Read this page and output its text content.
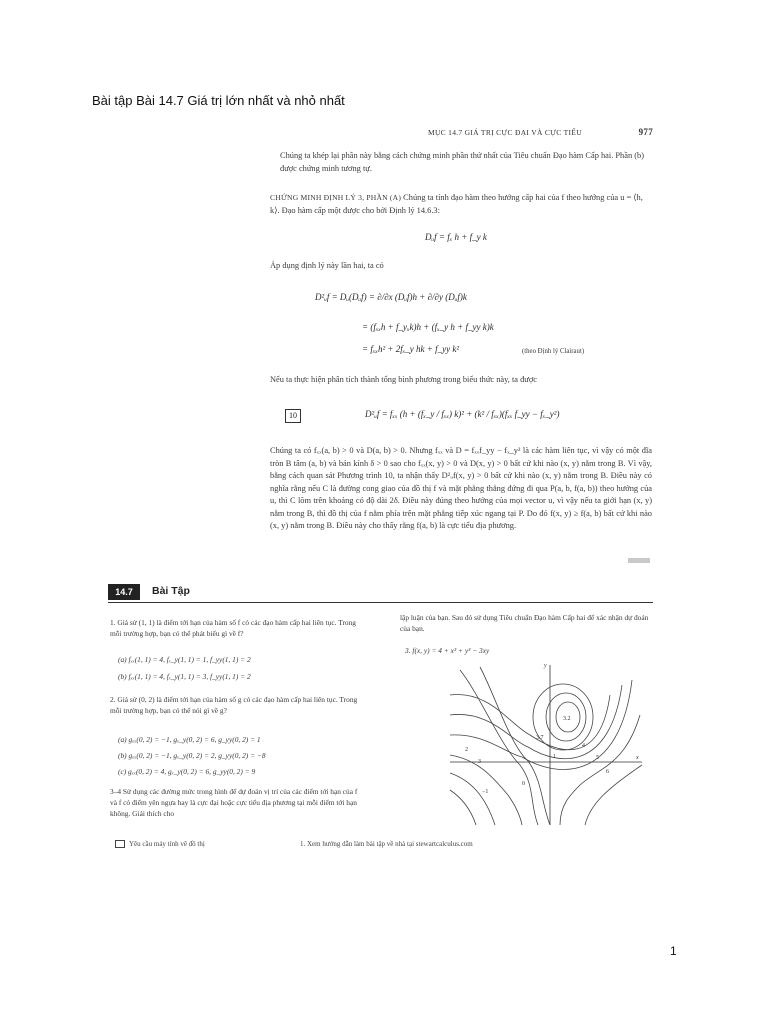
Bài tập Bài 14.7 Giá trị lớn nhất và nhỏ nhất
MỤC 14.7 GIÁ TRỊ CỰC ĐẠI VÀ CỰC TIỂU	977
Chúng ta khép lại phần này bằng cách chứng minh phần thứ nhất của Tiêu chuẩn Đạo hàm Cấp hai. Phần (b) được chứng minh tương tự.
CHỨNG MINH ĐỊNH LÝ 3, PHẦN (A) Chúng ta tính đạo hàm theo hướng cấp hai của f theo hướng của u = ⟨h, k⟩. Đạo hàm cấp một được cho bởi Định lý 14.6.3:
Dᵤf = fₓ h + f_y k
Áp dụng định lý này lần hai, ta có
D²ᵤf = Dᵤ(Dᵤf) = ∂/∂x (Dᵤf)h + ∂/∂y (Dᵤf)k
= (fₓₓh + f_yₓk)h + (fₓ_y h + f_yy k)k
= fₓₓh² + 2fₓ_y hk + f_yy k²	(theo Định lý Clairaut)
Nếu ta thực hiện phân tích thành tổng bình phương trong biểu thức này, ta được
10	D²ᵤf = fₓₓ (h + (fₓ_y / fₓₓ) k)² + (k² / fₓₓ)(fₓₓ f_yy − fₓ_y²)
Chúng ta có fₓₓ(a, b) > 0 và D(a, b) > 0. Nhưng fₓₓ và D = fₓₓf_yy − fₓ_y² là các hàm liên tục, vì vậy có một đĩa tròn B tâm (a, b) và bán kính δ > 0 sao cho fₓₓ(x, y) > 0 và D(x, y) > 0 bất cứ khi nào (x, y) nằm trong B. Vì vậy, bằng cách quan sát Phương trình 10, ta nhận thấy D²ᵤf(x, y) > 0 bất cứ khi nào (x, y) nằm trong B. Điều này có nghĩa rằng nếu C là đường cong giao của đồ thị f và mặt phẳng thẳng đứng đi qua P(a, b, f(a, b)) theo hướng của u, thì C lõm trên khoảng có độ dài 2δ. Điều này đúng theo hướng của mọi vector u, vì vậy nếu ta giới hạn (x, y) nằm trong B, thì đồ thị của f nằm phía trên mặt phẳng tiếp xúc ngang tại P. Do đó f(x, y) ≥ f(a, b) bất cứ khi nào (x, y) nằm trong B. Điều này cho thấy rằng f(a, b) là cực tiểu địa phương.
14.7	Bài Tập
1. Giả sử (1, 1) là điểm tới hạn của hàm số f có các đạo hàm cấp hai liên tục. Trong mỗi trường hợp, bạn có thể phát biểu gì về f?
(a) fₓₓ(1, 1) = 4, fₓ_y(1, 1) = 1, f_yy(1, 1) = 2
(b) fₓₓ(1, 1) = 4, fₓ_y(1, 1) = 3, f_yy(1, 1) = 2
2. Giả sử (0, 2) là điểm tới hạn của hàm số g có các đạo hàm cấp hai liên tục. Trong mỗi trường hợp, bạn có thể nói gì về g?
(a) gₓₓ(0, 2) = −1, gₓ_y(0, 2) = 6, g_yy(0, 2) = 1
(b) gₓₓ(0, 2) = −1, gₓ_y(0, 2) = 2, g_yy(0, 2) = −8
(c) gₓₓ(0, 2) = 4, gₓ_y(0, 2) = 6, g_yy(0, 2) = 9
3–4 Sử dụng các đường mức trong hình để dự đoán vị trí của các điểm tới hạn của f và f có điểm yên ngựa hay là cực đại hoặc cực tiểu địa phương tại mỗi điểm tới hạn không. Giải thích cho
lập luận của bạn. Sau đó sử dụng Tiêu chuẩn Đạo hàm Cấp hai để xác nhận dự đoán của bạn.
3. f(x, y) = 4 + x³ + y³ − 3xy
y
x
1
3.2
3.7
4
5
6
0
−1
2
3
Yêu cầu máy tính vẽ đồ thị	1. Xem hướng dẫn làm bài tập về nhà tại stewartcalculus.com
1
